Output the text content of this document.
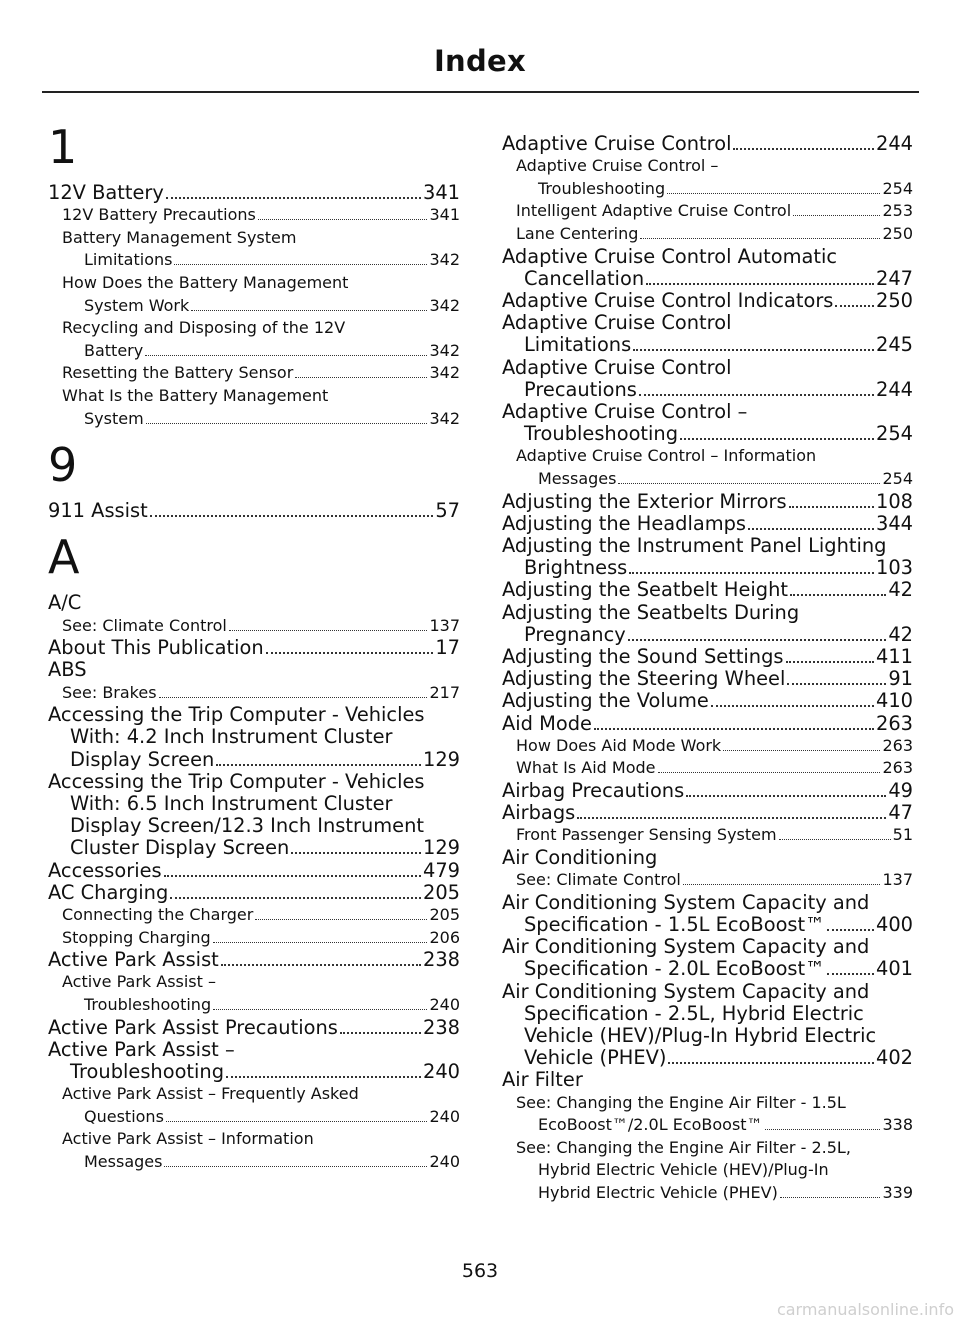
Index
1
12V Battery	341
12V Battery Precautions	341
Battery Management System
Limitations	342
How Does the Battery Management
System Work	342
Recycling and Disposing of the 12V
Battery	342
Resetting the Battery Sensor	342
What Is the Battery Management
System	342
9
911 Assist	57
A
A/C
See: Climate Control	137
About This Publication	17
ABS
See: Brakes	217
Accessing the Trip Computer - Vehicles
With: 4.2 Inch Instrument Cluster
Display Screen	129
Accessing the Trip Computer - Vehicles
With: 6.5 Inch Instrument Cluster
Display Screen/12.3 Inch Instrument
Cluster Display Screen	129
Accessories	479
AC Charging	205
Connecting the Charger	205
Stopping Charging	206
Active Park Assist	238
Active Park Assist –
Troubleshooting	240
Active Park Assist Precautions	238
Active Park Assist –
Troubleshooting	240
Active Park Assist – Frequently Asked
Questions	240
Active Park Assist – Information
Messages	240
Adaptive Cruise Control	244
Adaptive Cruise Control –
Troubleshooting	254
Intelligent Adaptive Cruise Control	253
Lane Centering	250
Adaptive Cruise Control Automatic
Cancellation	247
Adaptive Cruise Control Indicators 250
Adaptive Cruise Control
Limitations	245
Adaptive Cruise Control
Precautions	244
Adaptive Cruise Control –
Troubleshooting	254
Adaptive Cruise Control – Information
Messages	254
Adjusting the Exterior Mirrors	108
Adjusting the Headlamps	344
Adjusting the Instrument Panel Lighting
Brightness	103
Adjusting the Seatbelt Height	42
Adjusting the Seatbelts During
Pregnancy	42
Adjusting the Sound Settings	411
Adjusting the Steering Wheel	91
Adjusting the Volume	410
Aid Mode	263
How Does Aid Mode Work	263
What Is Aid Mode	263
Airbag Precautions	49
Airbags	47
Front Passenger Sensing System	51
Air Conditioning
See: Climate Control	137
Air Conditioning System Capacity and
Specification - 1.5L EcoBoost™	400
Air Conditioning System Capacity and
Specification - 2.0L EcoBoost™	401
Air Conditioning System Capacity and
Specification - 2.5L, Hybrid Electric
Vehicle (HEV)/Plug-In Hybrid Electric
Vehicle (PHEV)	402
Air Filter
See: Changing the Engine Air Filter - 1.5L
EcoBoost™/2.0L EcoBoost™	338
See: Changing the Engine Air Filter - 2.5L,
Hybrid Electric Vehicle (HEV)/Plug-In
Hybrid Electric Vehicle (PHEV)	339
563
carmanualsonline.info
